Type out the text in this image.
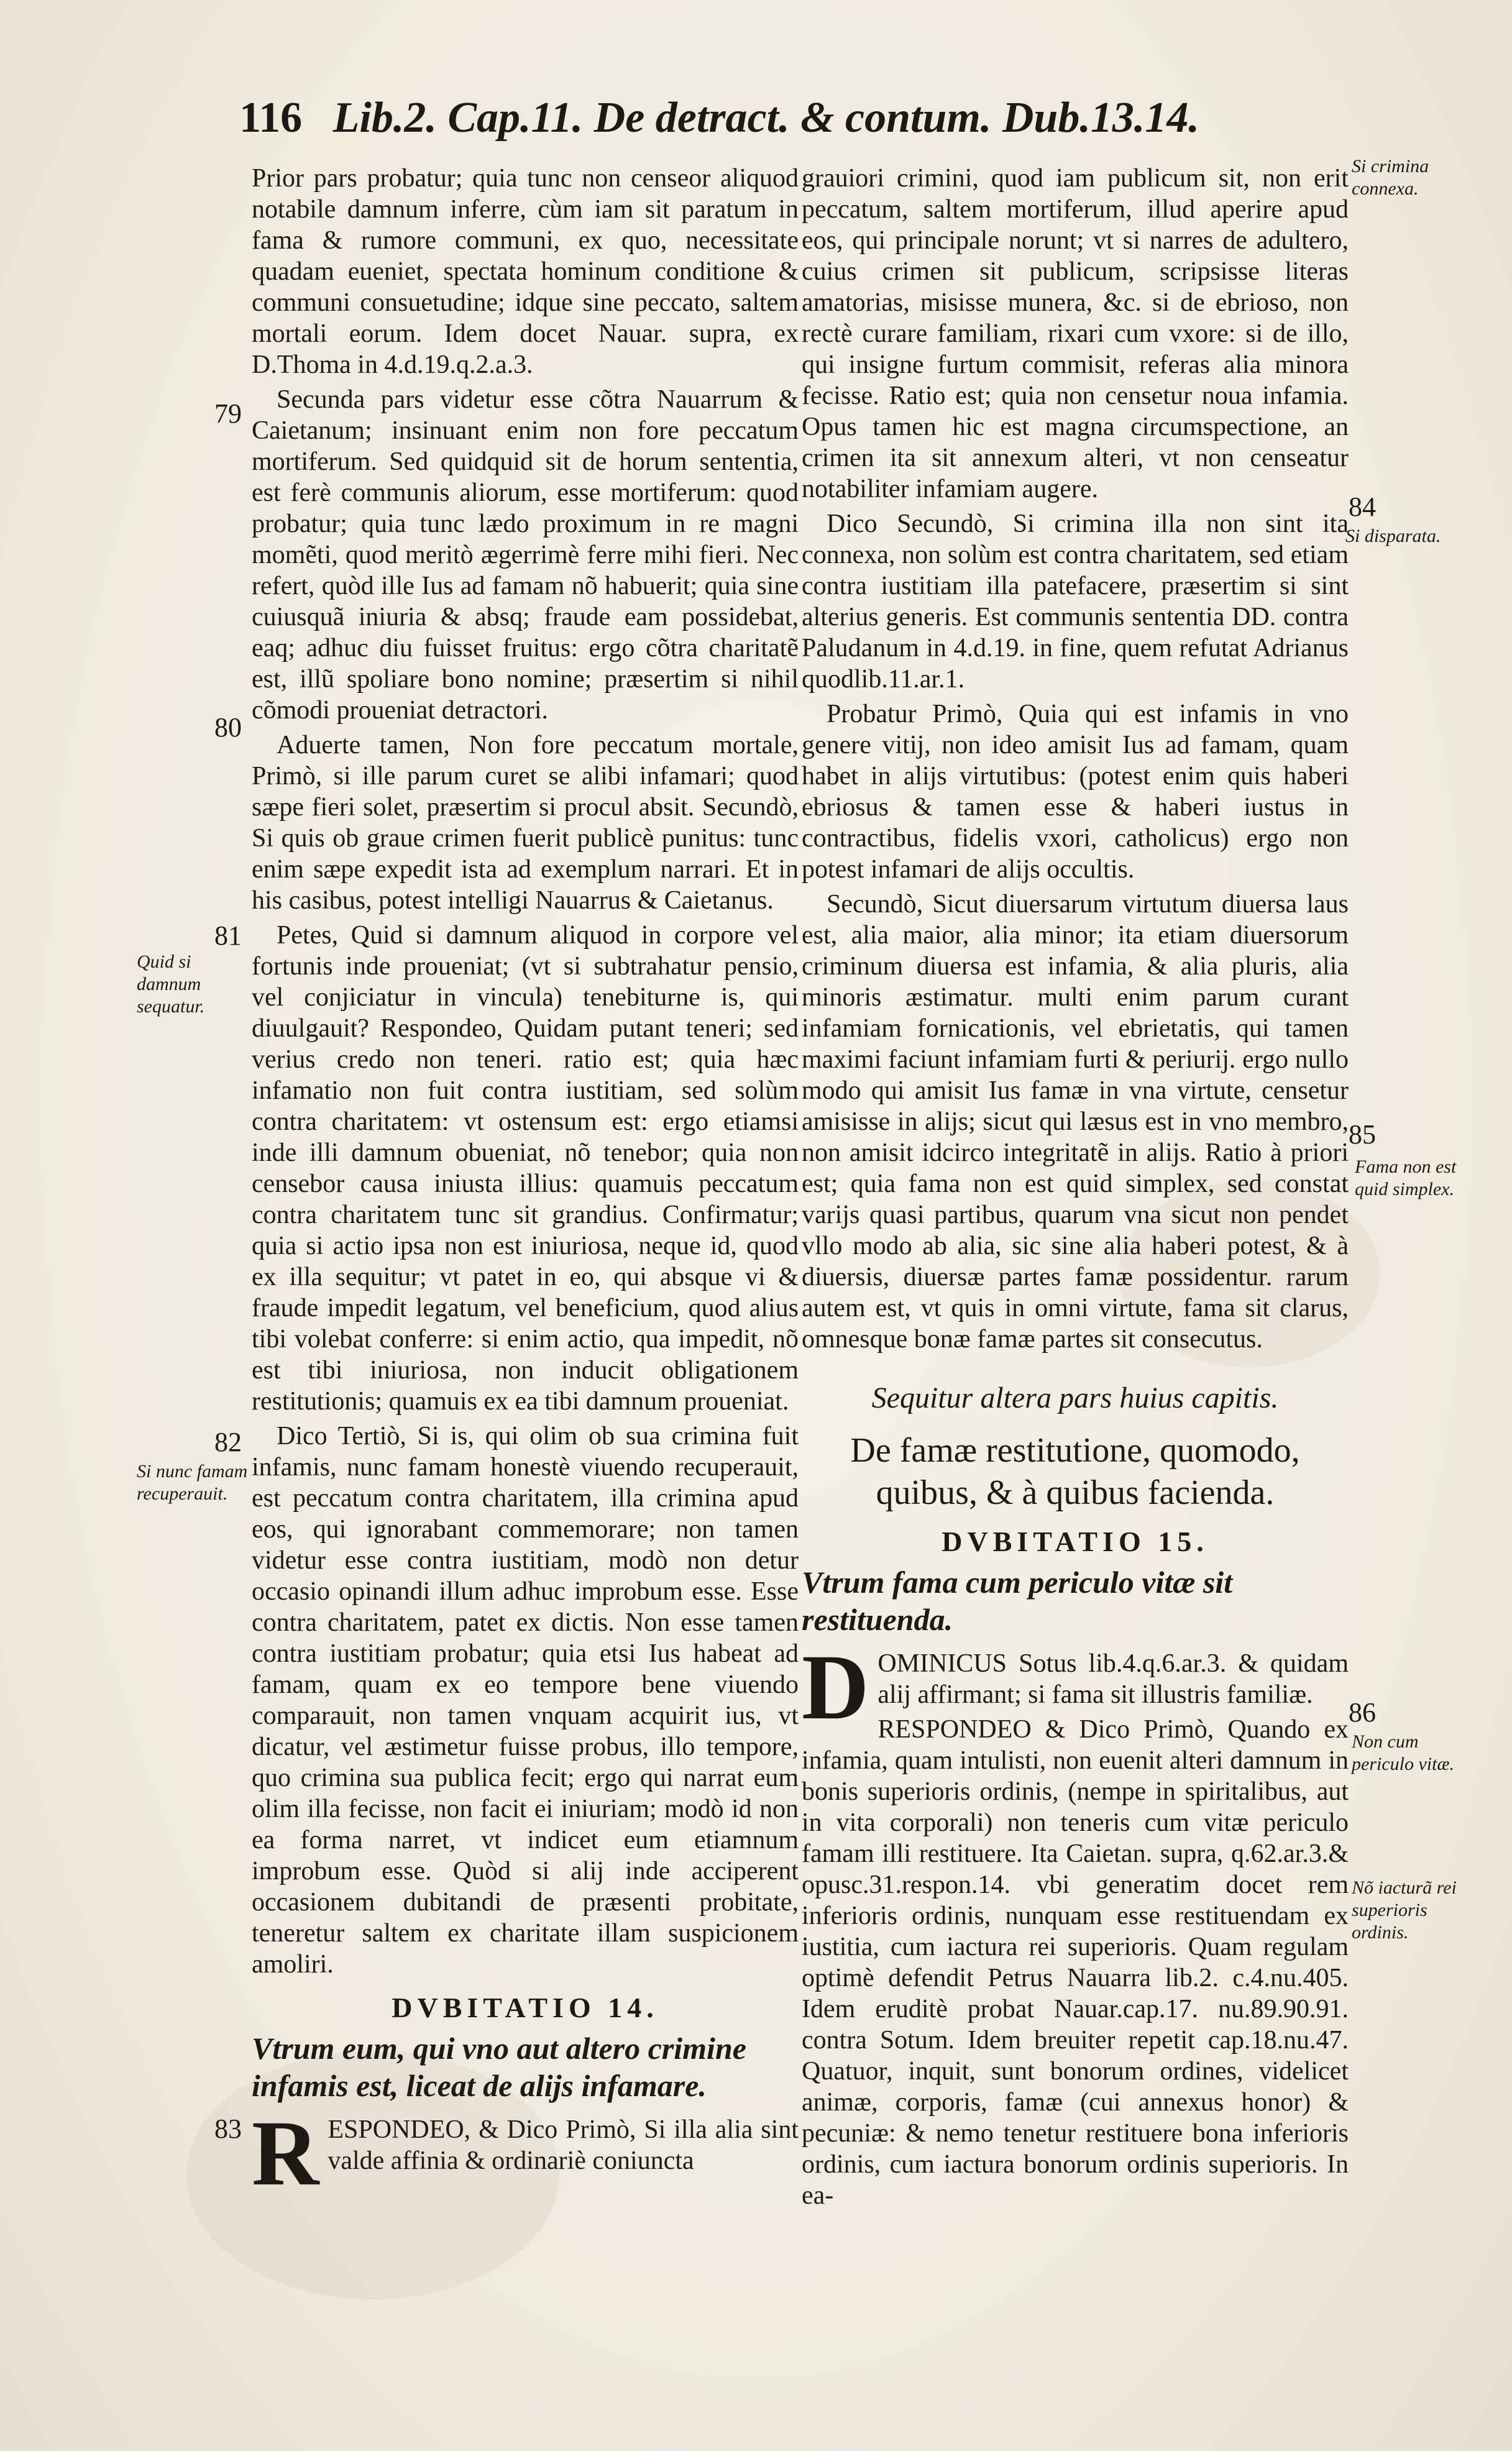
116 Lib.2. Cap.11. De detract. & contum. Dub.13.14.

Prior pars probatur; quia tunc non censeor aliquod notabile damnum inferre, cùm iam sit paratum in fama & rumore communi, ex quo, necessitate quadam eueniet, spectata hominum conditione & communi consuetudine; idque sine peccato, saltem mortali eorum. Idem docet Nauar. supra, ex D.Thoma in 4.d.19.q.2.a.3.

Secunda pars videtur esse cõtra Nauarrum & Caietanum; insinuant enim non fore peccatum mortiferum. Sed quidquid sit de horum sententia, est ferè communis aliorum, esse mortiferum: quod probatur; quia tunc lædo proximum in re magni momẽti, quod meritò ægerrimè ferre mihi fieri. Nec refert, quòd ille Ius ad famam nõ habuerit; quia sine cuiusquã iniuria & absq; fraude eam possidebat, eaq; adhuc diu fuisset fruitus: ergo cõtra charitatẽ est, illũ spoliare bono nomine; præsertim si nihil cõmodi proueniat detractori.

Aduerte tamen, Non fore peccatum mortale, Primò, si ille parum curet se alibi infamari; quod sæpe fieri solet, præsertim si procul absit. Secundò, Si quis ob graue crimen fuerit publicè punitus: tunc enim sæpe expedit ista ad exemplum narrari. Et in his casibus, potest intelligi Nauarrus & Caietanus.

Petes, Quid si damnum aliquod in corpore vel fortunis inde proueniat; (vt si subtrahatur pensio, vel conjiciatur in vincula) tenebiturne is, qui diuulgauit? Respondeo, Quidam putant teneri; sed verius credo non teneri. ratio est; quia hæc infamatio non fuit contra iustitiam, sed solùm contra charitatem: vt ostensum est: ergo etiamsi inde illi damnum obueniat, nõ tenebor; quia non censebor causa iniusta illius: quamuis peccatum contra charitatem tunc sit grandius. Confirmatur; quia si actio ipsa non est iniuriosa, neque id, quod ex illa sequitur; vt patet in eo, qui absque vi & fraude impedit legatum, vel beneficium, quod alius tibi volebat conferre: si enim actio, qua impedit, nõ est tibi iniuriosa, non inducit obligationem restitutionis; quamuis ex ea tibi damnum proueniat.

Dico Tertiò, Si is, qui olim ob sua crimina fuit infamis, nunc famam honestè viuendo recuperauit, est peccatum contra charitatem, illa crimina apud eos, qui ignorabant commemorare; non tamen videtur esse contra iustitiam, modò non detur occasio opinandi illum adhuc improbum esse. Esse contra charitatem, patet ex dictis. Non esse tamen contra iustitiam probatur; quia etsi Ius habeat ad famam, quam ex eo tempore bene viuendo comparauit, non tamen vnquam acquirit ius, vt dicatur, vel æstimetur fuisse probus, illo tempore, quo crimina sua publica fecit; ergo qui narrat eum olim illa fecisse, non facit ei iniuriam; modò id non ea forma narret, vt indicet eum etiamnum improbum esse. Quòd si alij inde acciperent occasionem dubitandi de præsenti probitate, teneretur saltem ex charitate illam suspicionem amoliri.

DVBITATIO 14.
Vtrum eum, qui vno aut altero crimine infamis est, liceat de alijs infamare.

R ESPONDEO, & Dico Primò, Si illa alia sint valde affinia & ordinariè coniuncta

grauiori crimini, quod iam publicum sit, non erit peccatum, saltem mortiferum, illud aperire apud eos, qui principale norunt; vt si narres de adultero, cuius crimen sit publicum, scripsisse literas amatorias, misisse munera, &c. si de ebrioso, non rectè curare familiam, rixari cum vxore: si de illo, qui insigne furtum commisit, referas alia minora fecisse. Ratio est; quia non censetur noua infamia. Opus tamen hic est magna circumspectione, an crimen ita sit annexum alteri, vt non censeatur notabiliter infamiam augere.

Dico Secundò, Si crimina illa non sint ita connexa, non solùm est contra charitatem, sed etiam contra iustitiam illa patefacere, præsertim si sint alterius generis. Est communis sententia DD. contra Paludanum in 4.d.19. in fine, quem refutat Adrianus quodlib.11.ar.1.

Probatur Primò, Quia qui est infamis in vno genere vitij, non ideo amisit Ius ad famam, quam habet in alijs virtutibus: (potest enim quis haberi ebriosus & tamen esse & haberi iustus in contractibus, fidelis vxori, catholicus) ergo non potest infamari de alijs occultis.

Secundò, Sicut diuersarum virtutum diuersa laus est, alia maior, alia minor; ita etiam diuersorum criminum diuersa est infamia, & alia pluris, alia minoris æstimatur. multi enim parum curant infamiam fornicationis, vel ebrietatis, qui tamen maximi faciunt infamiam furti & periurij. ergo nullo modo qui amisit Ius famæ in vna virtute, censetur amisisse in alijs; sicut qui læsus est in vno membro, non amisit idcirco integritatẽ in alijs. Ratio à priori est; quia fama non est quid simplex, sed constat varijs quasi partibus, quarum vna sicut non pendet vllo modo ab alia, sic sine alia haberi potest, & à diuersis, diuersæ partes famæ possidentur. rarum autem est, vt quis in omni virtute, fama sit clarus, omnesque bonæ famæ partes sit consecutus.

Sequitur altera pars huius capitis.
De famæ restitutione, quomodo, quibus, & à quibus facienda.
DVBITATIO 15.
Vtrum fama cum periculo vitæ sit restituenda.

D OMINICUS Sotus lib.4.q.6.ar.3. & quidam alij affirmant; si fama sit illustris familiæ.

RESPONDEO & Dico Primò, Quando ex infamia, quam intulisti, non euenit alteri damnum in bonis superioris ordinis, (nempe in spiritalibus, aut in vita corporali) non teneris cum vitæ periculo famam illi restituere. Ita Caietan. supra, q.62.ar.3.& opusc.31.respon.14. vbi generatim docet rem inferioris ordinis, nunquam esse restituendam ex iustitia, cum iactura rei superioris. Quam regulam optimè defendit Petrus Nauarra lib.2. c.4.nu.405. Idem eruditè probat Nauar.cap.17. nu.89.90.91. contra Sotum. Idem breuiter repetit cap.18.nu.47. Quatuor, inquit, sunt bonorum ordines, videlicet animæ, corporis, famæ (cui annexus honor) & pecuniæ: & nemo tenetur restituere bona inferioris ordinis, cum iactura bonorum ordinis superioris. In ea-

79
80
81
82
83
84
85
86
Quid si damnum sequatur.
Si nunc famam recuperauit.
Si crimina connexa.
Si disparata.
Fama non est quid simplex.
Non cum periculo vitæ.
Nõ iacturã rei superioris ordinis.
